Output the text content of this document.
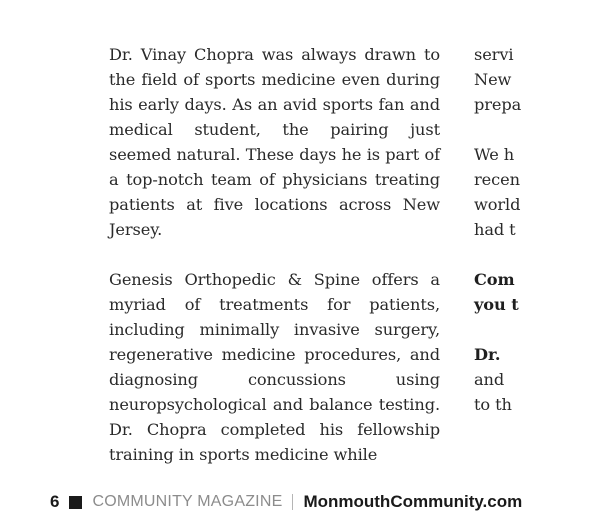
Dr. Vinay Chopra was always drawn to the field of sports medicine even during his early days. As an avid sports fan and medical student, the pairing just seemed natural. These days he is part of a top-notch team of physicians treating patients at five locations across New Jersey.

Genesis Orthopedic & Spine offers a myriad of treatments for patients, including minimally invasive surgery, regenerative medicine procedures, and diagnosing concussions using neuropsychological and balance testing. Dr. Chopra completed his fellowship training in sports medicine while

servi
New
prepa

We h
recen
world
had t

Com
you t

Dr.
and
to th

6 COMMUNITY MAGAZINE MonmouthCommunity.com
